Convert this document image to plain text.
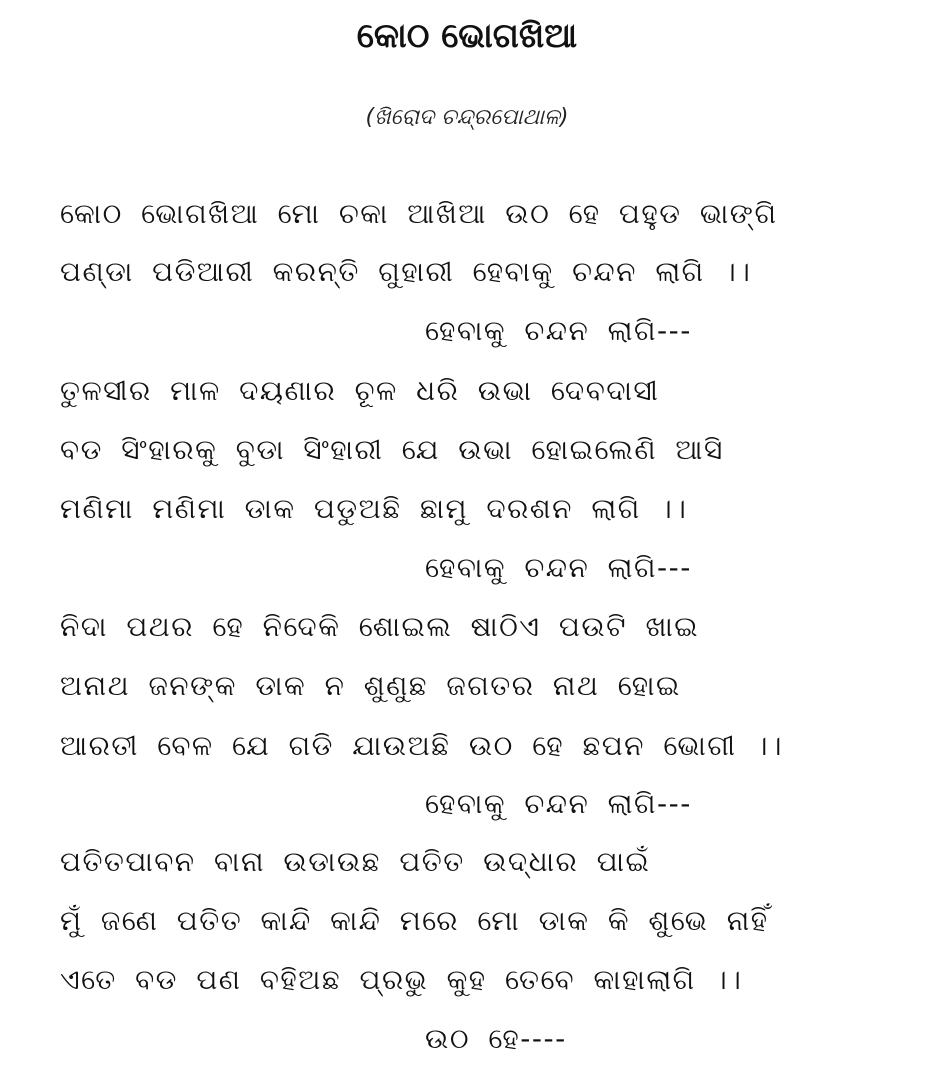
କୋଠ ଭୋଗଖିଆ
(ଖିରୋଦ ଚନ୍ଦ୍ରପୋଥାଳ)
କୋଠ ଭୋଗଖିଆ ମୋ ଚକା ଆଖିଆ ଉଠ ହେ ପହୁଡ ଭାଙ୍ଗି
ପଣ୍ଡା ପଡିଆରୀ କରନ୍ତି ଗୁହାରୀ ହେବାକୁ ଚନ୍ଦନ ଲାଗି ।।
ହେବାକୁ ଚନ୍ଦନ ଲାଗି---
ତୁଳସୀର ମାଳ ଦୟଣାର ଚୂଳ ଧରି ଉଭା ଦେବଦାସୀ
ବଡ ସିଂହାରକୁ ବୁଡା ସିଂହାରୀ ଯେ ଉଭା ହୋଇଲେଣି ଆସି
ମଣିମା ମଣିମା ଡାକ ପଡୁଅଛି ଛାମୁ ଦରଶନ ଲାଗି ।।
ହେବାକୁ ଚନ୍ଦନ ଲାଗି---
ନିଦା ପଥର ହେ ନିଦେକି ଶୋଇଲ ଷାଠିଏ ପଉଟି ଖାଇ
ଅନାଥ ଜନଙ୍କ ଡାକ ନ ଶୁଣୁଛ ଜଗତର ନାଥ ହୋଇ
ଆରତୀ ବେଳ ଯେ ଗଡି ଯାଉଅଛି ଉଠ ହେ ଛପନ ଭୋଗୀ ।।
ହେବାକୁ ଚନ୍ଦନ ଲାଗି---
ପତିତପାବନ ବାନା ଉଡାଉଛ ପତିତ ଉଦ୍ଧାର ପାଇଁ
ମୁଁ ଜଣେ ପତିତ କାନ୍ଦି କାନ୍ଦି ମରେ ମୋ ଡାକ କି ଶୁଭେ ନାହିଁ
ଏତେ ବଡ ପଣ ବହିଅଛ ପ୍ରଭୁ କୁହ ତେବେ କାହାଲାଗି ।।
ଉଠ ହେ----
